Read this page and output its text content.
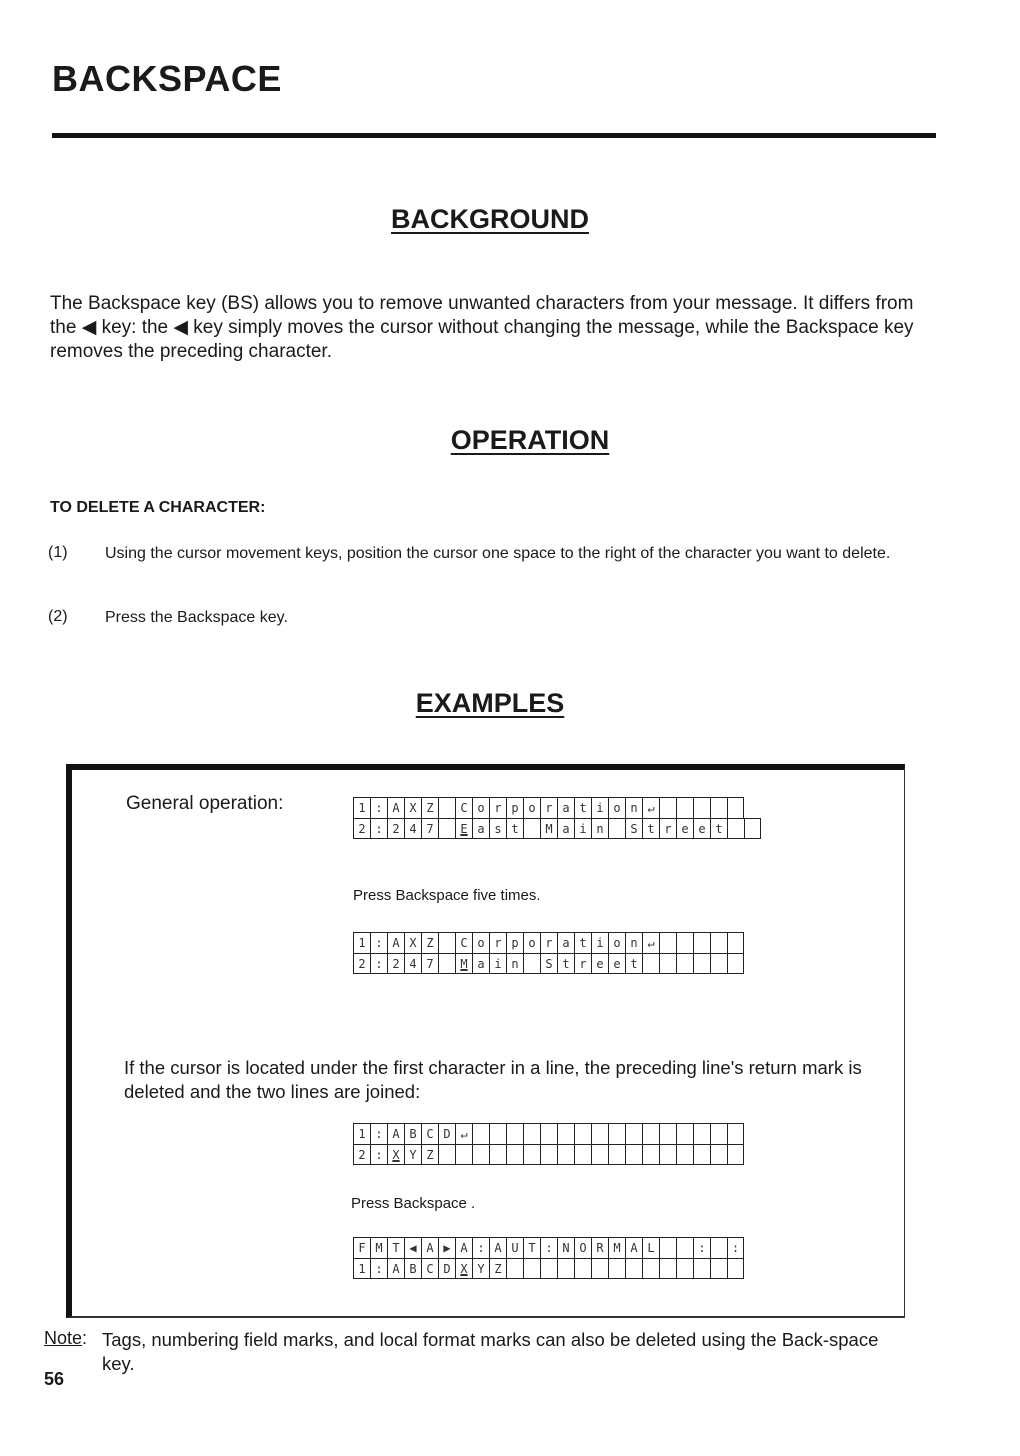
BACKSPACE
BACKGROUND
The Backspace key (BS) allows you to remove unwanted characters from your message. It differs from the ◀ key: the ◀ key simply moves the cursor without changing the message, while the Backspace key removes the preceding character.
OPERATION
TO DELETE A CHARACTER:
(1) Using the cursor movement keys, position the cursor one space to the right of the character you want to delete.
(2) Press the Backspace key.
EXAMPLES
General operation:	1 : A X Z	C o r p o r a t i o n ↵
2 : 2 4 7	E a s t	M a i n	S t r e e t
Press Backspace five times.
1 : A X Z	C o r p o r a t i o n ↵
2 : 2 4 7	M a i n	S t r e e t
If the cursor is located under the first character in a line, the preceding line's return mark is deleted and the two lines are joined:
1 : A B C D ↵
2 : X Y Z
Press Backspace .
F M T ◀ A ▶ A : A U T : N O R M A L	:	:
1 : A B C D X Y Z
Note: Tags, numbering field marks, and local format marks can also be deleted using the Back-space key.
56
